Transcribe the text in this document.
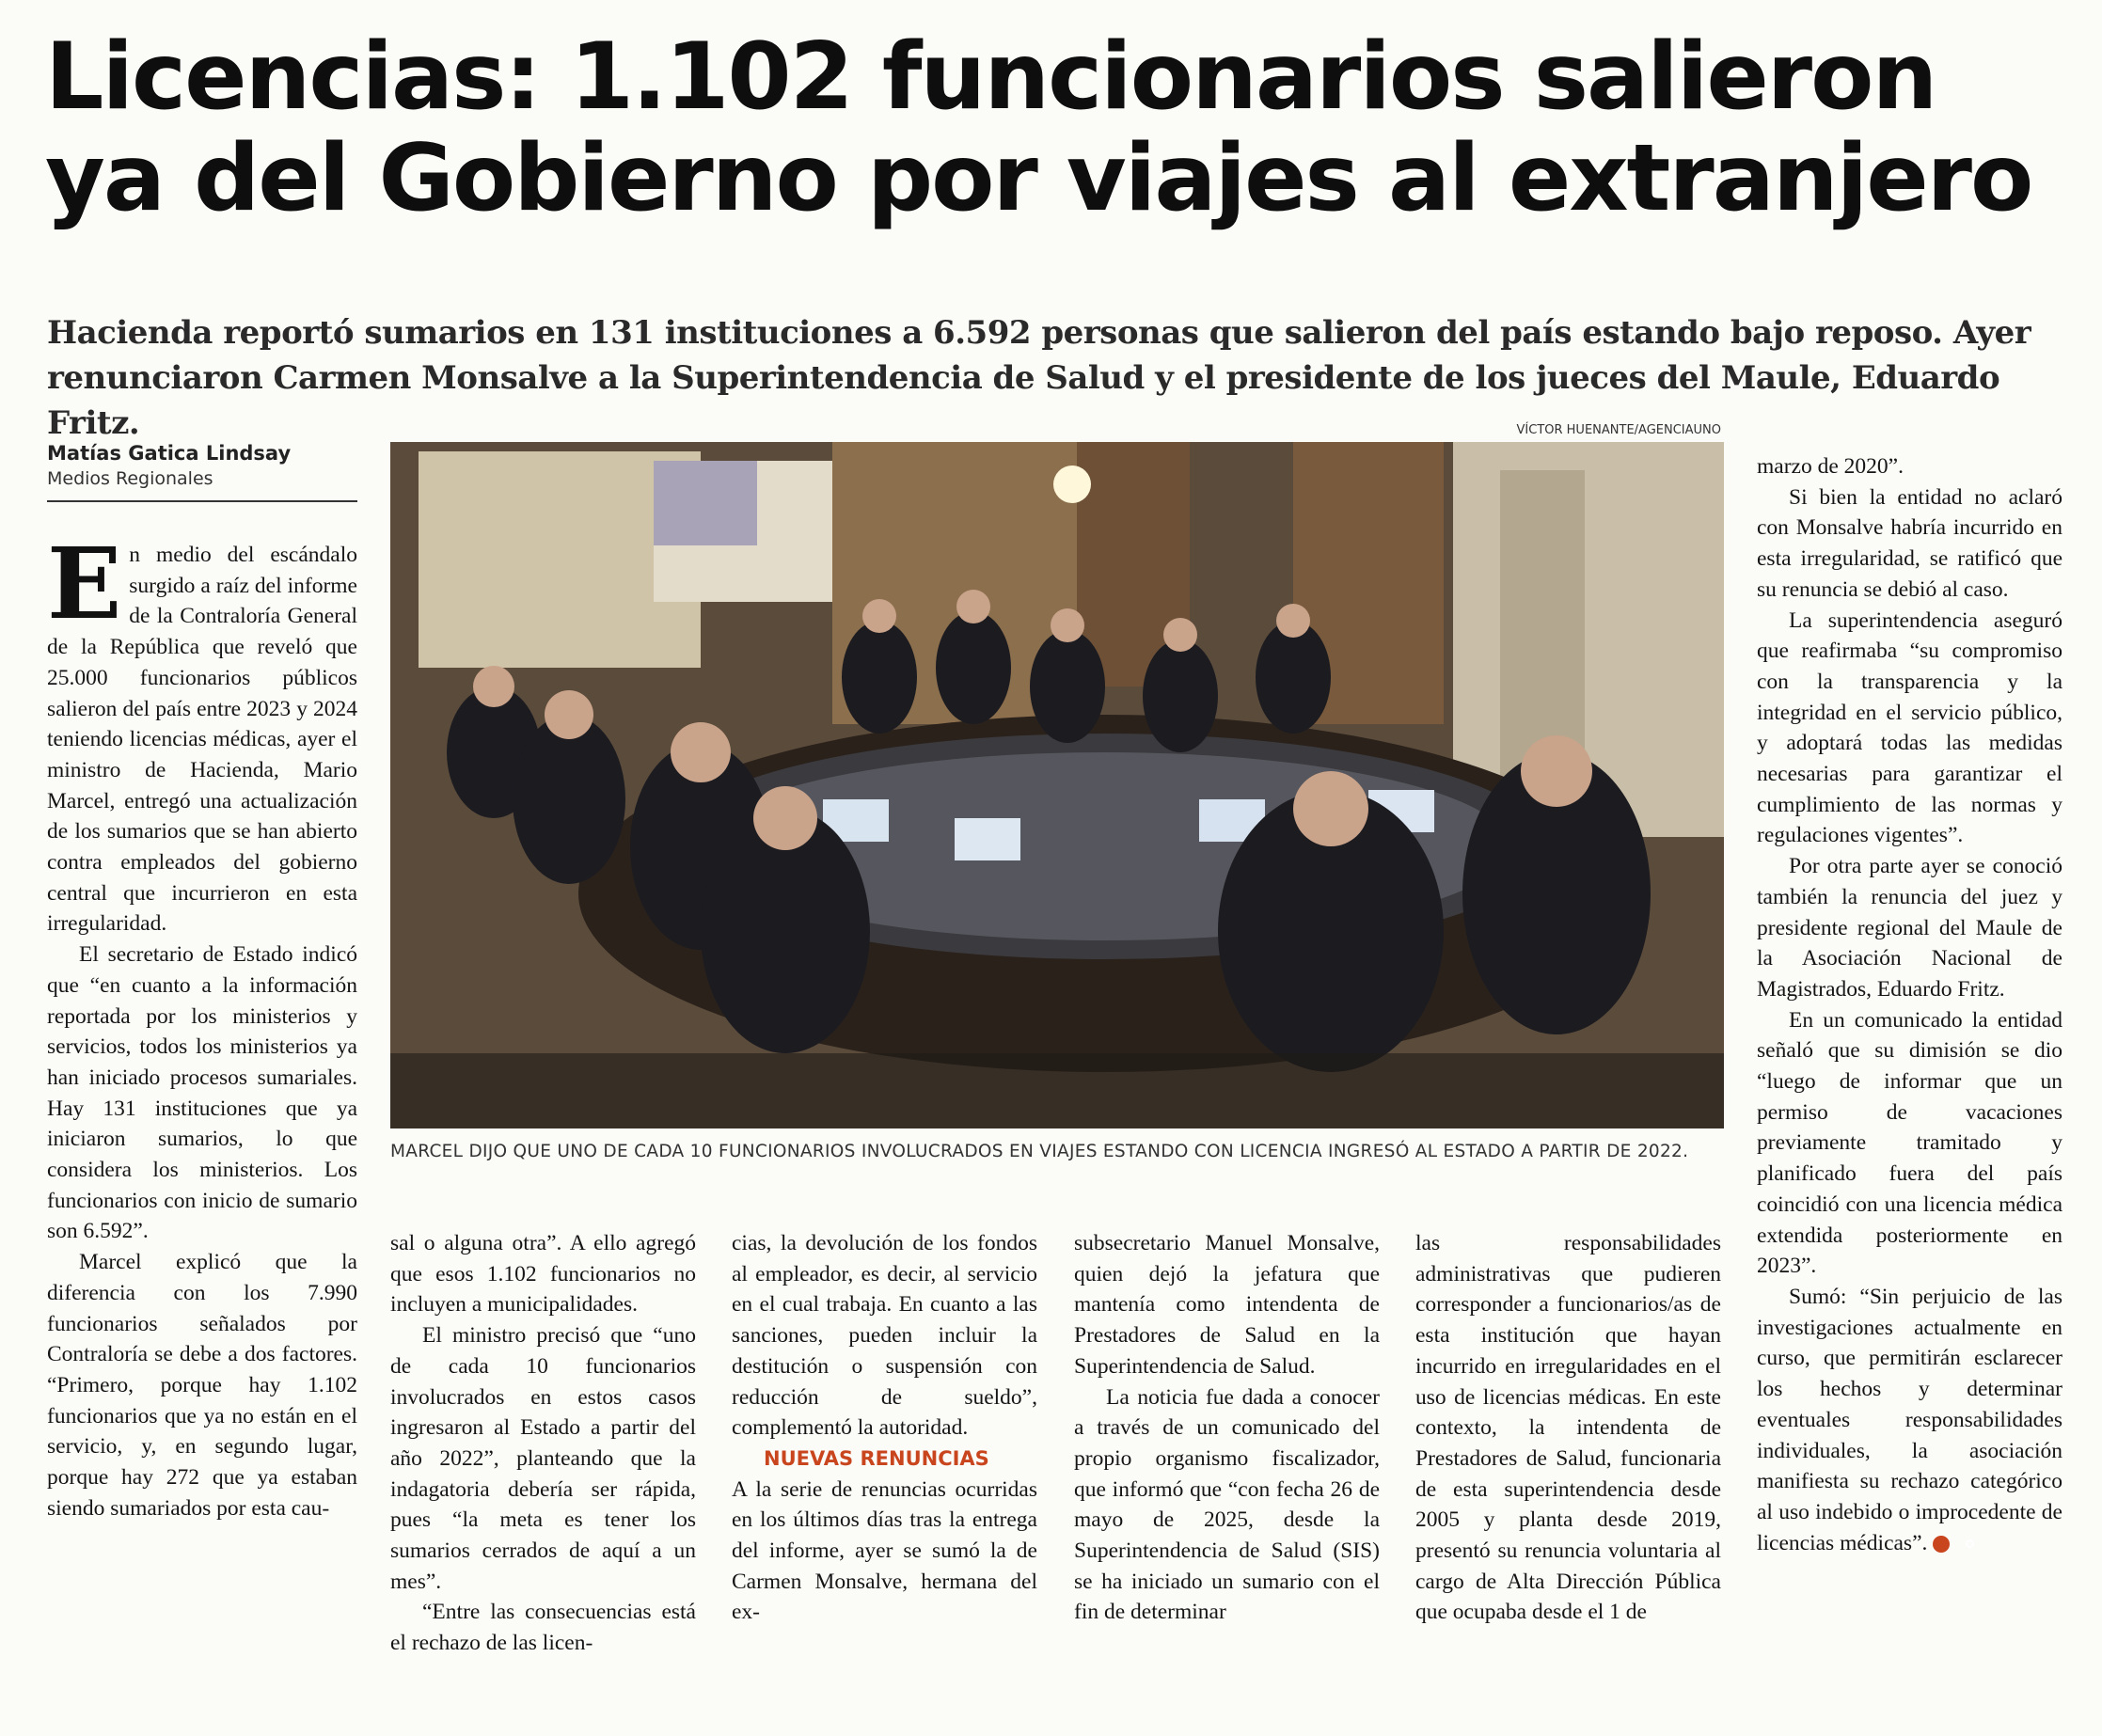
Licencias: 1.102 funcionarios salieron
ya del Gobierno por viajes al extranjero

Hacienda reportó sumarios en 131 instituciones a 6.592 personas que salieron del país estando bajo reposo. Ayer renunciaron Carmen Monsalve a la Superintendencia de Salud y el presidente de los jueces del Maule, Eduardo Fritz.

Matías Gatica Lindsay
Medios Regionales
VÍCTOR HUENANTE/AGENCIAUNO
MARCEL DIJO QUE UNO DE CADA 10 FUNCIONARIOS INVOLUCRADOS EN VIAJES ESTANDO CON LICENCIA INGRESÓ AL ESTADO A PARTIR DE 2022.

En medio del escándalo surgido a raíz del informe de la Contraloría General de la República que reveló que 25.000 funcionarios públicos salieron del país entre 2023 y 2024 teniendo licencias médicas, ayer el ministro de Hacienda, Mario Marcel, entregó una actualización de los sumarios que se han abierto contra empleados del gobierno central que incurrieron en esta irregularidad.

El secretario de Estado indicó que “en cuanto a la información reportada por los ministerios y servicios, todos los ministerios ya han iniciado procesos sumariales. Hay 131 instituciones que ya iniciaron sumarios, lo que considera los ministerios. Los funcionarios con inicio de sumario son 6.592”.

Marcel explicó que la diferencia con los 7.990 funcionarios señalados por Contraloría se debe a dos factores. “Primero, porque hay 1.102 funcionarios que ya no están en el servicio, y, en segundo lugar, porque hay 272 que ya estaban siendo sumariados por esta cau-

sal o alguna otra”. A ello agregó que esos 1.102 funcionarios no incluyen a municipalidades.

El ministro precisó que “uno de cada 10 funcionarios involucrados en estos casos ingresaron al Estado a partir del año 2022”, planteando que la indagatoria debería ser rápida, pues “la meta es tener los sumarios cerrados de aquí a un mes”.

“Entre las consecuencias está el rechazo de las licen-

cias, la devolución de los fondos al empleador, es decir, al servicio en el cual trabaja. En cuanto a las sanciones, pueden incluir la destitución o suspensión con reducción de sueldo”, complementó la autoridad.

NUEVAS RENUNCIAS

A la serie de renuncias ocurridas en los últimos días tras la entrega del informe, ayer se sumó la de Carmen Monsalve, hermana del ex-

subsecretario Manuel Monsalve, quien dejó la jefatura que mantenía como intendenta de Prestadores de Salud en la Superintendencia de Salud.

La noticia fue dada a conocer a través de un comunicado del propio organismo fiscalizador, que informó que “con fecha 26 de mayo de 2025, desde la Superintendencia de Salud (SIS) se ha iniciado un sumario con el fin de determinar

las responsabilidades administrativas que pudieren corresponder a funcionarios/as de esta institución que hayan incurrido en irregularidades en el uso de licencias médicas. En este contexto, la intendenta de Prestadores de Salud, funcionaria de esta superintendencia desde 2005 y planta desde 2019, presentó su renuncia voluntaria al cargo de Alta Dirección Pública que ocupaba desde el 1 de

marzo de 2020”.

Si bien la entidad no aclaró con Monsalve habría incurrido en esta irregularidad, se ratificó que su renuncia se debió al caso.

La superintendencia aseguró que reafirmaba “su compromiso con la transparencia y la integridad en el servicio público, y adoptará todas las medidas necesarias para garantizar el cumplimiento de las normas y regulaciones vigentes”.

Por otra parte ayer se conoció también la renuncia del juez y presidente regional del Maule de la Asociación Nacional de Magistrados, Eduardo Fritz.

En un comunicado la entidad señaló que su dimisión se dio “luego de informar que un permiso de vacaciones previamente tramitado y planificado fuera del país coincidió con una licencia médica extendida posteriormente en 2023”.

Sumó: “Sin perjuicio de las investigaciones actualmente en curso, que permitirán esclarecer los hechos y determinar eventuales responsabilidades individuales, la asociación manifiesta su rechazo categórico al uso indebido o improcedente de licencias médicas”.	✪
